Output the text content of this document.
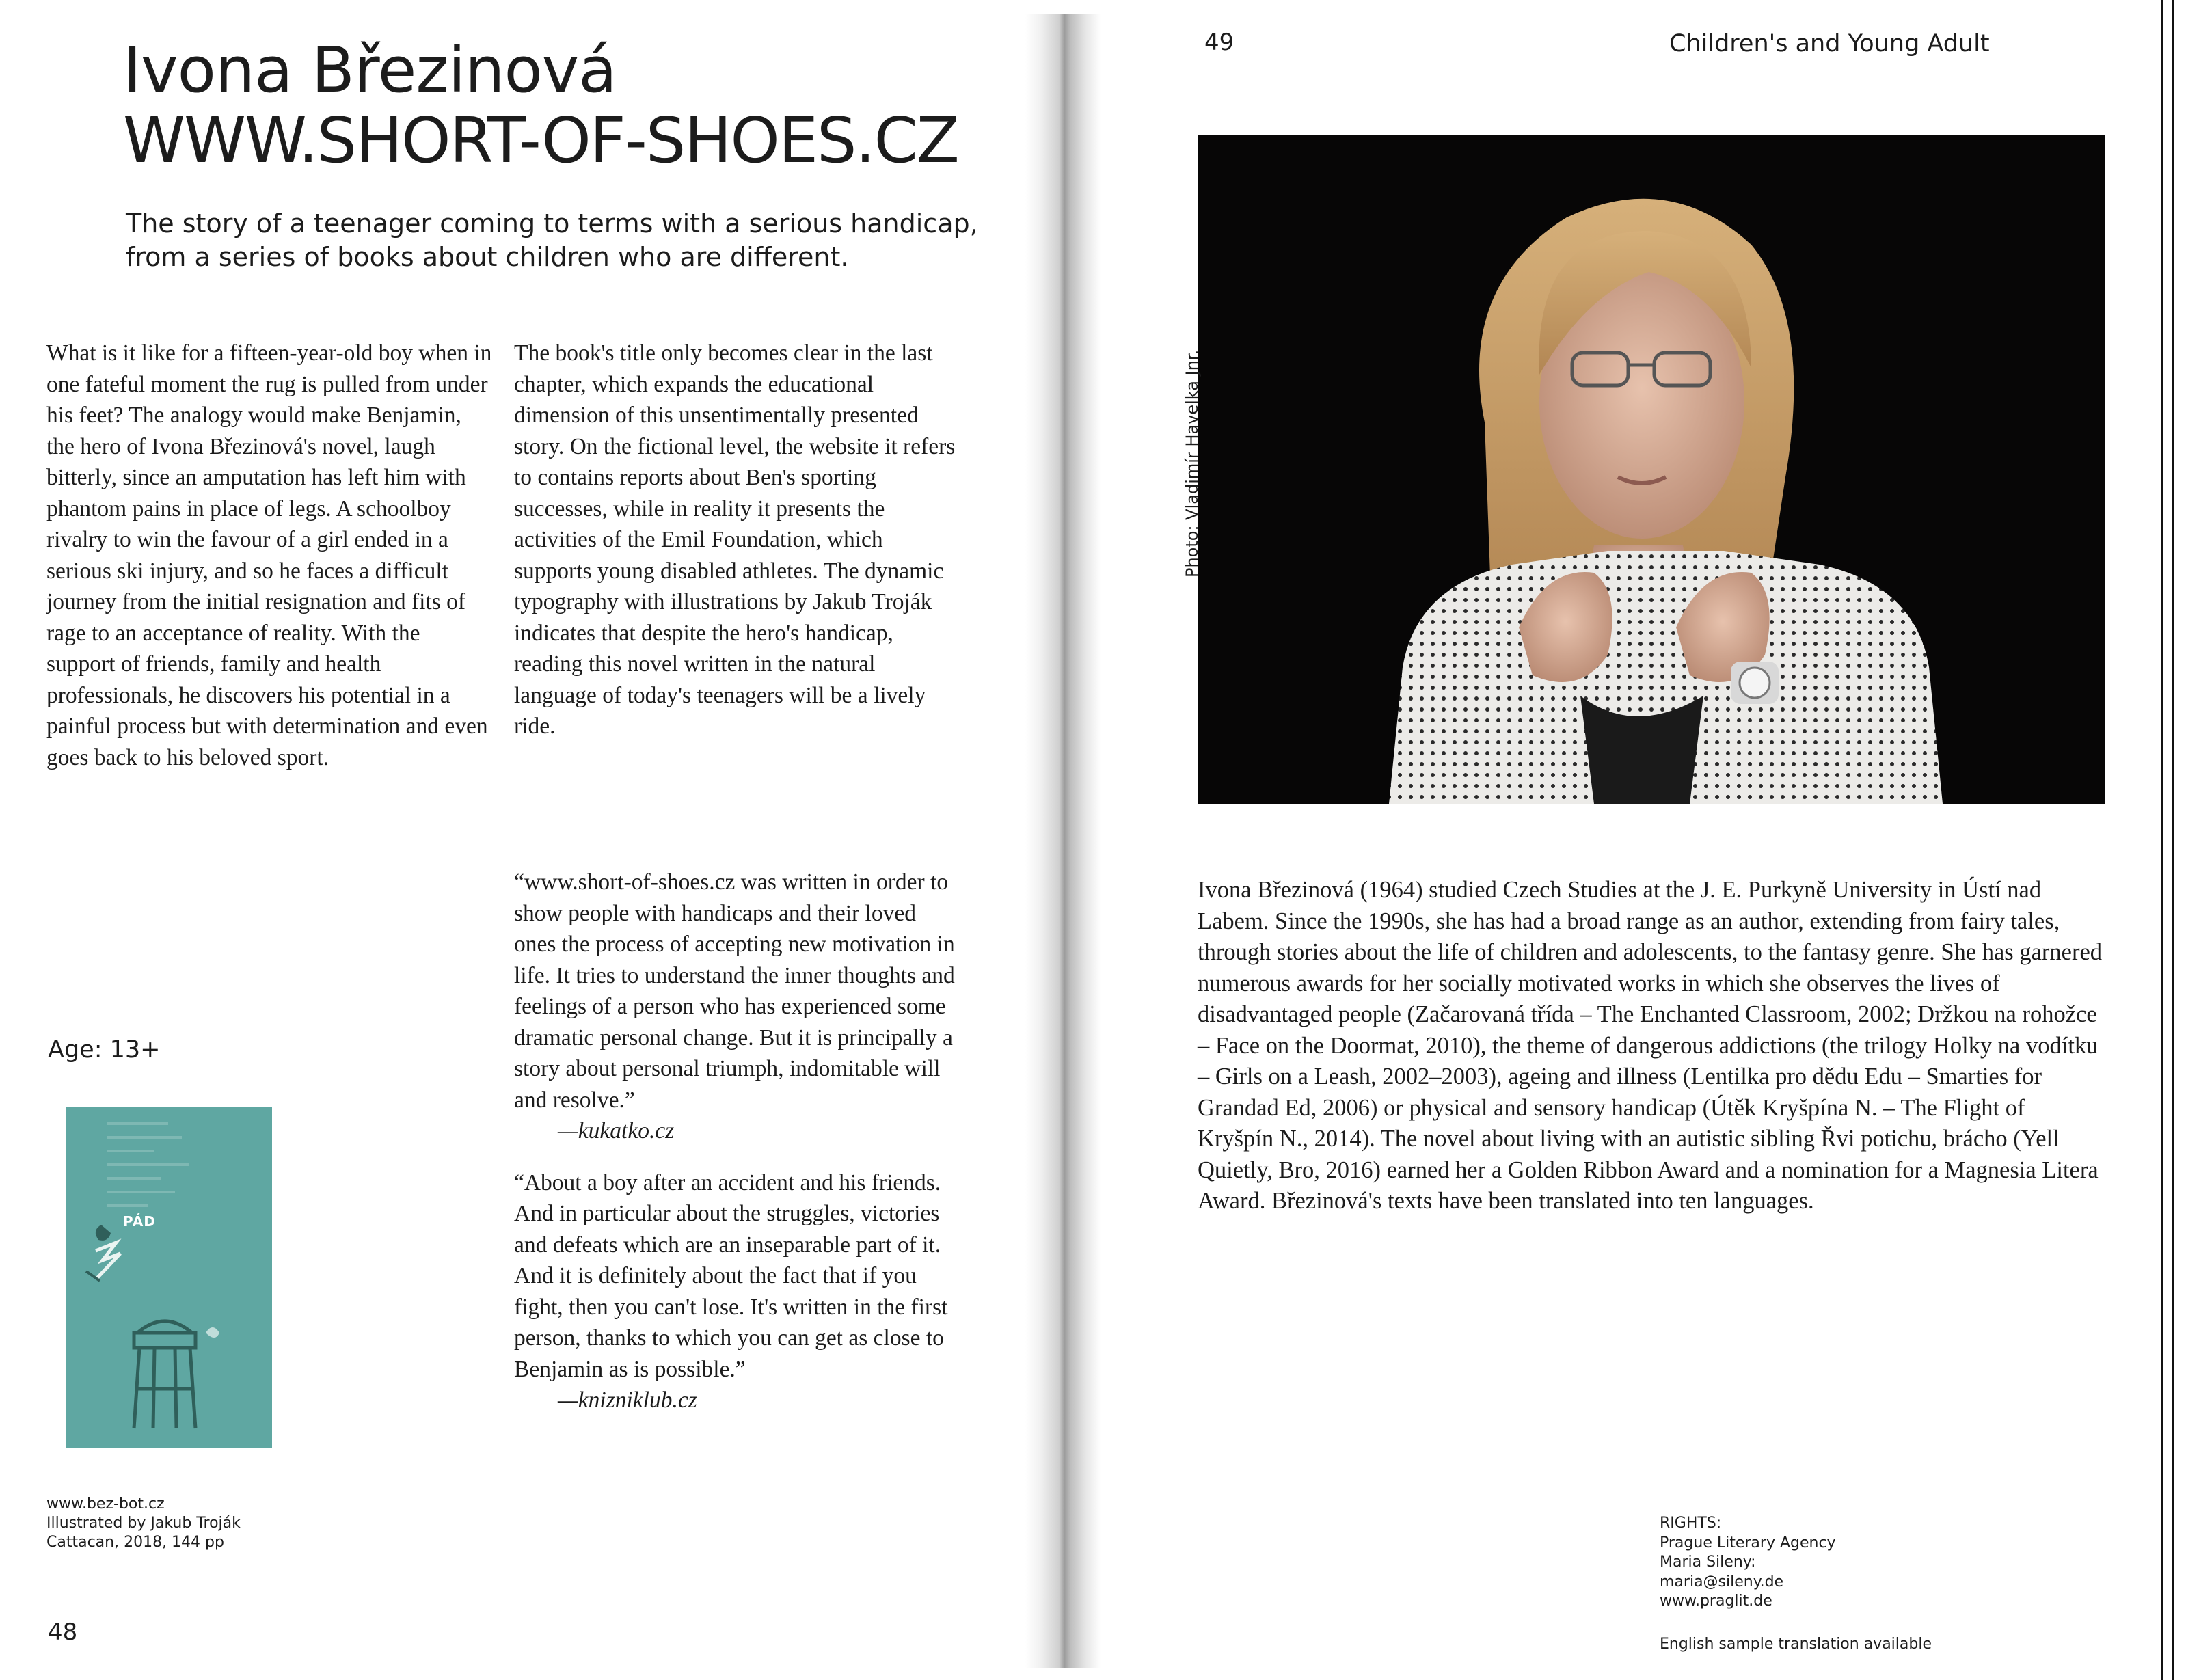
Ivona Březinová
WWW.SHORT-OF-SHOES.CZ

The story of a teenager coming to terms with a serious handicap, from a series of books about children who are different.

What is it like for a fifteen-year-old boy when in one fateful moment the rug is pulled from under his feet? The analogy would make Benjamin, the hero of Ivona Březinová's novel, laugh bitterly, since an amputation has left him with phantom pains in place of legs. A schoolboy rivalry to win the favour of a girl ended in a serious ski injury, and so he faces a difficult journey from the initial resignation and fits of rage to an acceptance of reality. With the support of friends, family and health professionals, he discovers his potential in a painful process but with determination and even goes back to his beloved sport.

The book's title only becomes clear in the last chapter, which expands the educational dimension of this unsentimentally presented story. On the fictional level, the website it refers to contains reports about Ben's sporting successes, while in reality it presents the activities of the Emil Foundation, which supports young disabled athletes. The dynamic typography with illustrations by Jakub Troják indicates that despite the hero's handicap, reading this novel written in the natural language of today's teenagers will be a lively ride.

“www.short-of-shoes.cz was written in order to show people with handicaps and their loved ones the process of accepting new motivation in life. It tries to understand the inner thoughts and feelings of a person who has experienced some dramatic personal change. But it is principally a story about personal triumph, indomitable will and resolve.”

—kukatko.cz

“About a boy after an accident and his friends. And in particular about the struggles, victories and defeats which are an inseparable part of it. And it is definitely about the fact that if you fight, then you can't lose. It's written in the first person, thanks to which you can get as close to Benjamin as is possible.”

—knizniklub.cz

Age: 13+
PÁD
www.bez-bot.cz
Illustrated by Jakub Troják
Cattacan, 2018, 144 pp
48
49	Children's and Young Adult
Photo: Vladimír Havelka Jnr.

Ivona Březinová (1964) studied Czech Studies at the J. E. Purkyně University in Ústí nad Labem. Since the 1990s, she has had a broad range as an author, extending from fairy tales, through stories about the life of children and adolescents, to the fantasy genre. She has garnered numerous awards for her socially motivated works in which she observes the lives of disadvantaged people (Začarovaná třída – The Enchanted Classroom, 2002; Držkou na rohožce – Face on the Doormat, 2010), the theme of dangerous addictions (the trilogy Holky na vodítku – Girls on a Leash, 2002–2003), ageing and illness (Lentilka pro dědu Edu – Smarties for Grandad Ed, 2006) or physical and sensory handicap (Útěk Kryšpína N. – The Flight of Kryšpín N., 2014). The novel about living with an autistic sibling Řvi potichu, brácho (Yell Quietly, Bro, 2016) earned her a Golden Ribbon Award and a nomination for a Magnesia Litera Award. Březinová's texts have been translated into ten languages.

RIGHTS:
Prague Literary Agency
Maria Sileny:
maria@sileny.de
www.praglit.de
English sample translation available
